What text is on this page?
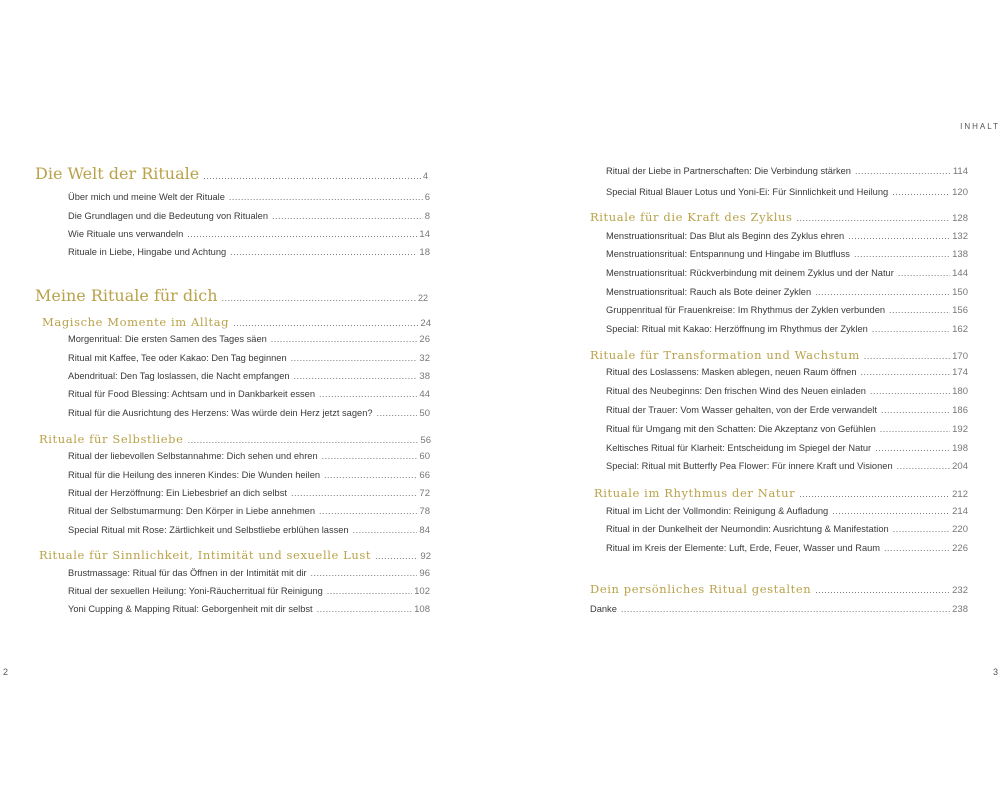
Die Welt der Rituale .....	4
Über mich und meine Welt der Rituale .....	6
Die Grundlagen und die Bedeutung von Ritualen .....	8
Wie Rituale uns verwandeln .....	14
Rituale in Liebe, Hingabe und Achtung .....	18
Meine Rituale für dich .....	22
Magische Momente im Alltag .....	24
Morgenritual: Die ersten Samen des Tages säen .....	26
Ritual mit Kaffee, Tee oder Kakao: Den Tag beginnen .....	32
Abendritual: Den Tag loslassen, die Nacht empfangen .....	38
Ritual für Food Blessing: Achtsam und in Dankbarkeit essen .....	44
Ritual für die Ausrichtung des Herzens: Was würde dein Herz jetzt sagen? .....	50
Rituale für Selbstliebe .....	56
Ritual der liebevollen Selbstannahme: Dich sehen und ehren .....	60
Ritual für die Heilung des inneren Kindes: Die Wunden heilen .....	66
Ritual der Herzöffnung: Ein Liebesbrief an dich selbst .....	72
Ritual der Selbstumarmung: Den Körper in Liebe annehmen .....	78
Special Ritual mit Rose: Zärtlichkeit und Selbstliebe erblühen lassen .....	84
Rituale für Sinnlichkeit, Intimität und sexuelle Lust .....	92
Brustmassage: Ritual für das Öffnen in der Intimität mit dir .....	96
Ritual der sexuellen Heilung: Yoni-Räucherritual für Reinigung .....	102
Yoni Cupping & Mapping Ritual: Geborgenheit mit dir selbst .....	108
2
INHALT
Ritual der Liebe in Partnerschaften: Die Verbindung stärken .....	114
Special Ritual Blauer Lotus und Yoni-Ei: Für Sinnlichkeit und Heilung .....	120
Rituale für die Kraft des Zyklus .....	128
Menstruationsritual: Das Blut als Beginn des Zyklus ehren .....	132
Menstruationsritual: Entspannung und Hingabe im Blutfluss .....	138
Menstruationsritual: Rückverbindung mit deinem Zyklus und der Natur .....	144
Menstruationsritual: Rauch als Bote deiner Zyklen .....	150
Gruppenritual für Frauenkreise: Im Rhythmus der Zyklen verbunden .....	156
Special: Ritual mit Kakao: Herzöffnung im Rhythmus der Zyklen .....	162
Rituale für Transformation und Wachstum .....	170
Ritual des Loslassens: Masken ablegen, neuen Raum öffnen .....	174
Ritual des Neubeginns: Den frischen Wind des Neuen einladen .....	180
Ritual der Trauer: Vom Wasser gehalten, von der Erde verwandelt .....	186
Ritual für Umgang mit den Schatten: Die Akzeptanz von Gefühlen .....	192
Keltisches Ritual für Klarheit: Entscheidung im Spiegel der Natur .....	198
Special: Ritual mit Butterfly Pea Flower: Für innere Kraft und Visionen .....	204
Rituale im Rhythmus der Natur .....	212
Ritual im Licht der Vollmondin: Reinigung & Aufladung .....	214
Ritual in der Dunkelheit der Neumondin: Ausrichtung & Manifestation .....	220
Ritual im Kreis der Elemente: Luft, Erde, Feuer, Wasser und Raum .....	226
Dein persönliches Ritual gestalten .....	232
Danke .....	238
3
